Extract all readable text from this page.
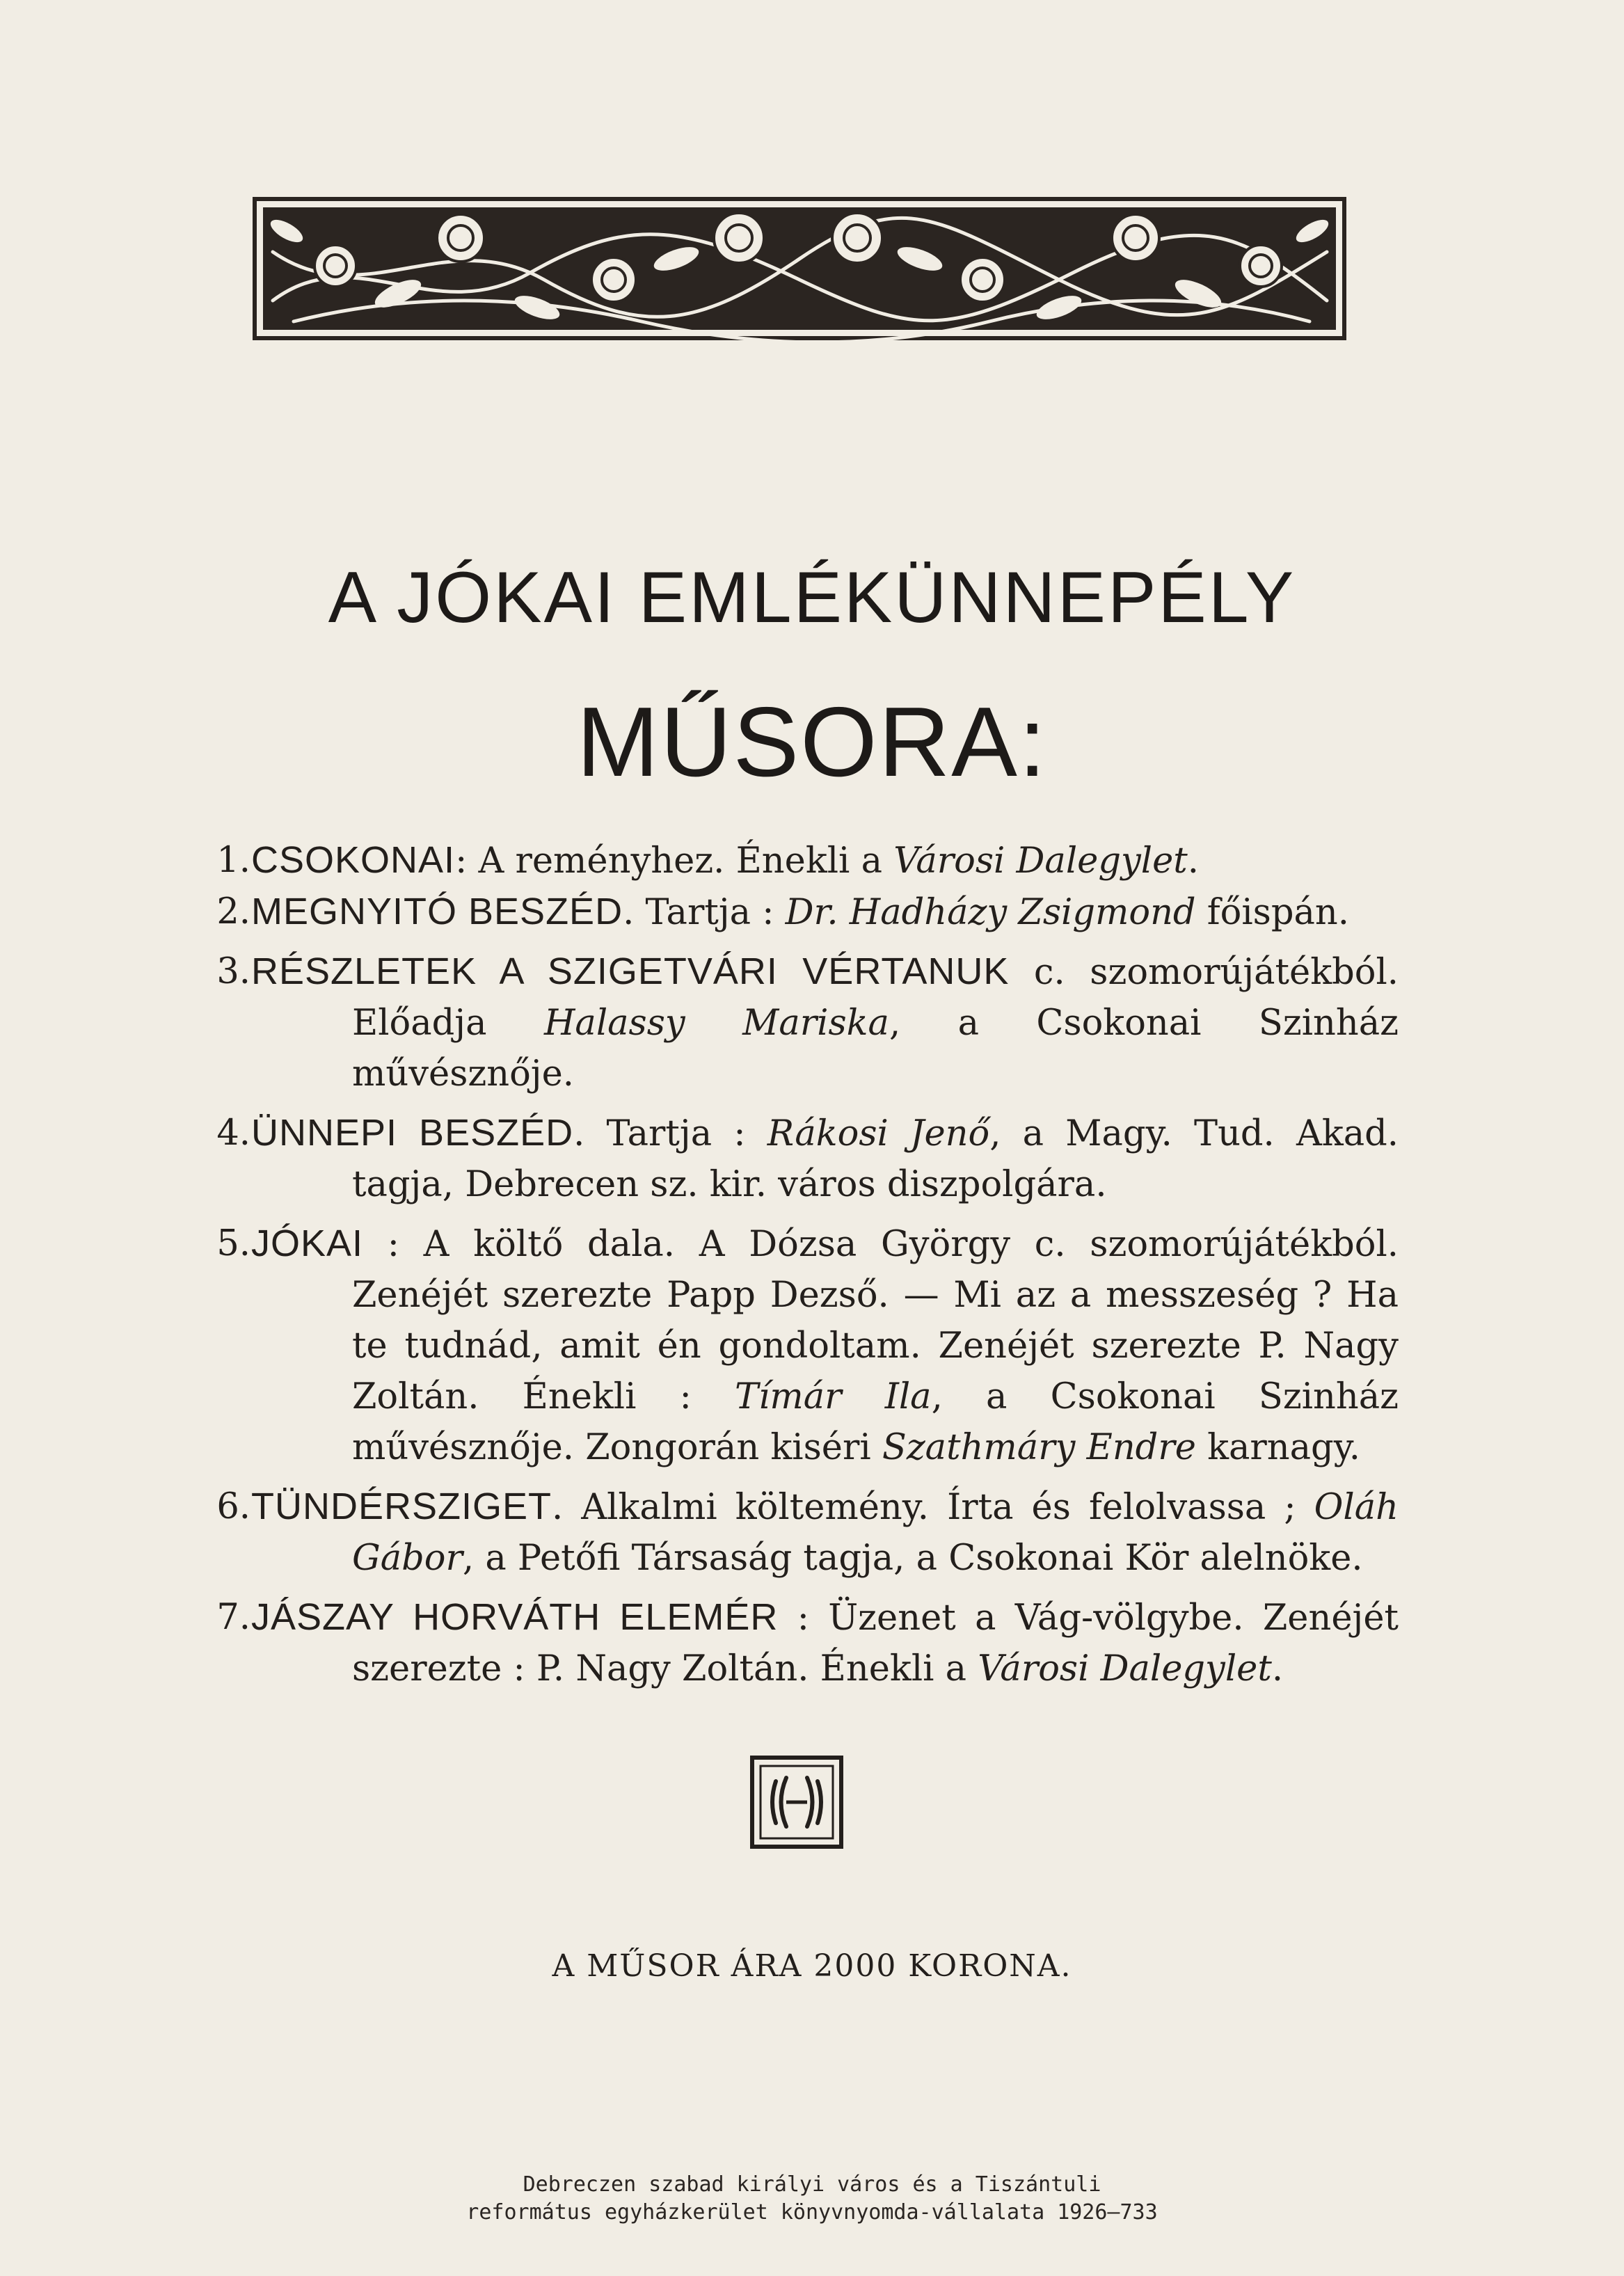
A JÓKAI EMLÉKÜNNEPÉLY
MŰSORA:
1. CSOKONAI: A reményhez. Énekli a Városi Dalegylet.
2. MEGNYITÓ BESZÉD. Tartja : Dr. Hadházy Zsigmond főispán.
3. RÉSZLETEK A SZIGETVÁRI VÉRTANUK c. szomorújátékból. Előadja Halassy Mariska, a Csokonai Szinház művésznője.
4. ÜNNEPI BESZÉD. Tartja : Rákosi Jenő, a Magy. Tud. Akad. tagja, Debrecen sz. kir. város diszpolgára.
5. JÓKAI : A költő dala. A Dózsa György c. szomorújátékból. Zenéjét szerezte Papp Dezső. — Mi az a messzeség ? Ha te tudnád, amit én gondoltam. Zenéjét szerezte P. Nagy Zoltán. Énekli : Tímár Ila, a Csokonai Szinház művésznője. Zongorán kiséri Szathmáry Endre karnagy.
6. TÜNDÉRSZIGET. Alkalmi költemény. Írta és felolvassa ; Oláh Gábor, a Petőfi Társaság tagja, a Csokonai Kör alelnöke.
7. JÁSZAY HORVÁTH ELEMÉR : Üzenet a Vág-völgybe. Zenéjét szerezte : P. Nagy Zoltán. Énekli a Városi Dalegylet.
A MŰSOR ÁRA 2000 KORONA.
Debreczen szabad királyi város és a Tiszántuli
református egyházkerület könyvnyomda-vállalata 1926—733
